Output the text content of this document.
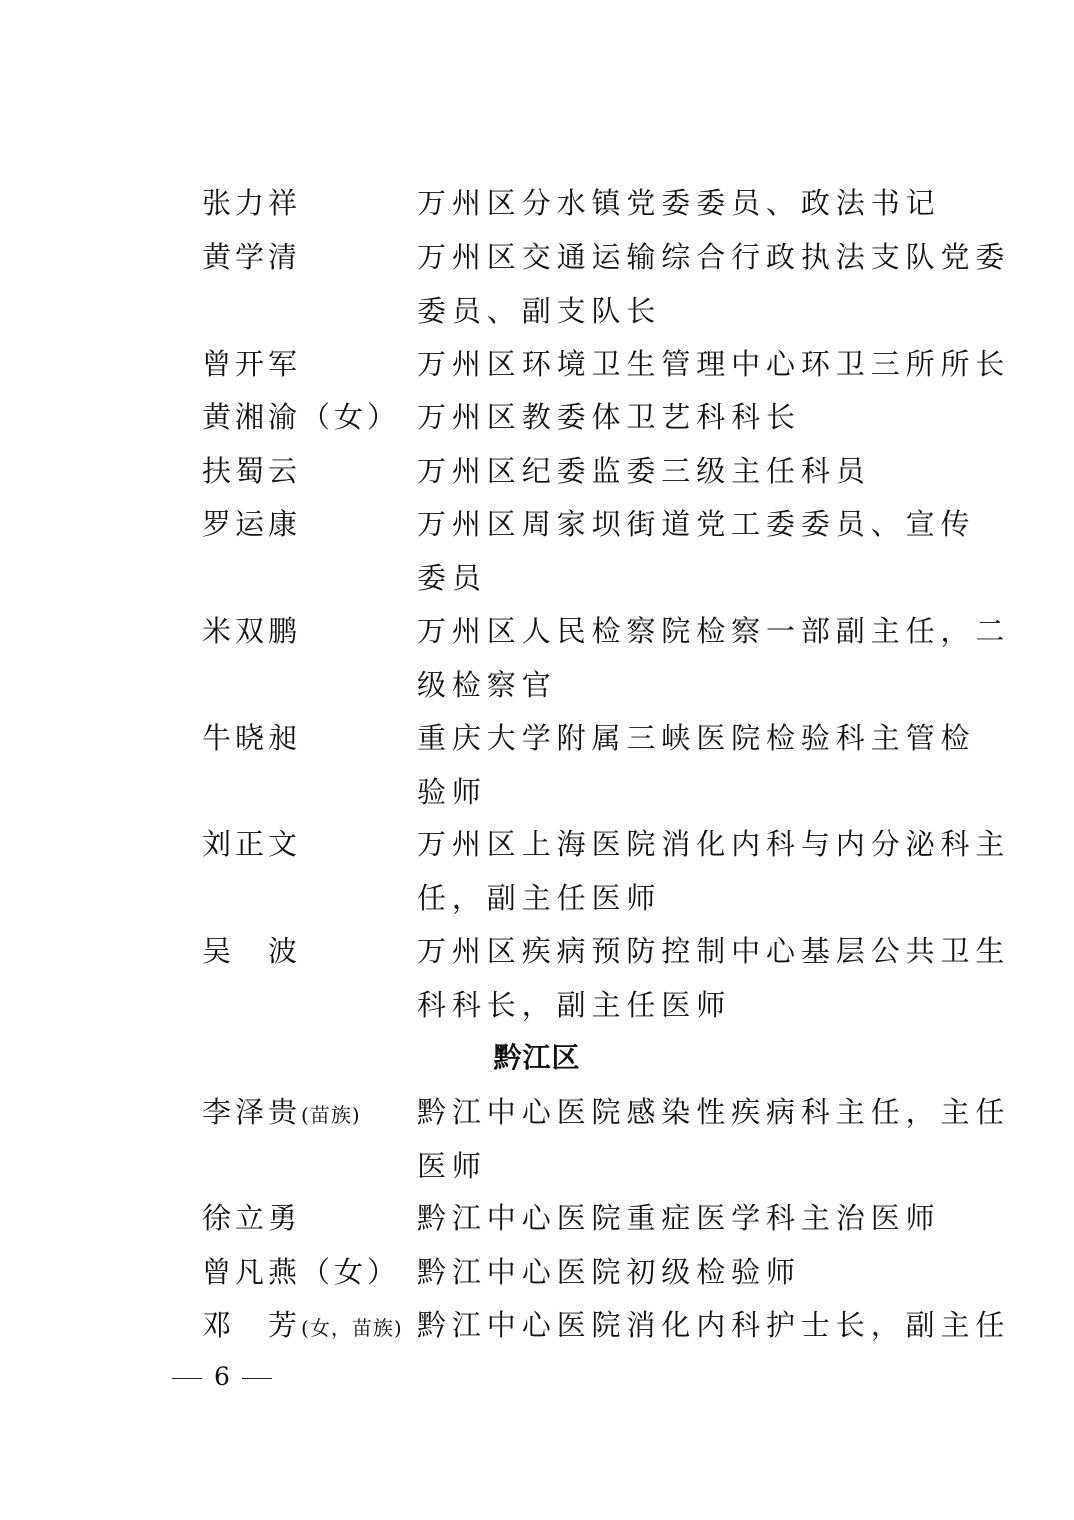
张力祥	万州区分水镇党委委员、政法书记
黄学清	万州区交通运输综合行政执法支队党委
委员、副支队长
曾开军	万州区环境卫生管理中心环卫三所所长
黄湘渝（女） 万州区教委体卫艺科科长
扶蜀云	万州区纪委监委三级主任科员
罗运康	万州区周家坝街道党工委委员、宣传
委员
米双鹏	万州区人民检察院检察一部副主任，二
级检察官
牛晓昶	重庆大学附属三峡医院检验科主管检
验师
刘正文	万州区上海医院消化内科与内分泌科主
任，副主任医师
吴　波	万州区疾病预防控制中心基层公共卫生
科科长，副主任医师
黔江区
李泽贵(苗族) 黔江中心医院感染性疾病科主任，主任
医师
徐立勇	黔江中心医院重症医学科主治医师
曾凡燕（女） 黔江中心医院初级检验师
邓　芳(女，苗族) 黔江中心医院消化内科护士长，副主任
6
